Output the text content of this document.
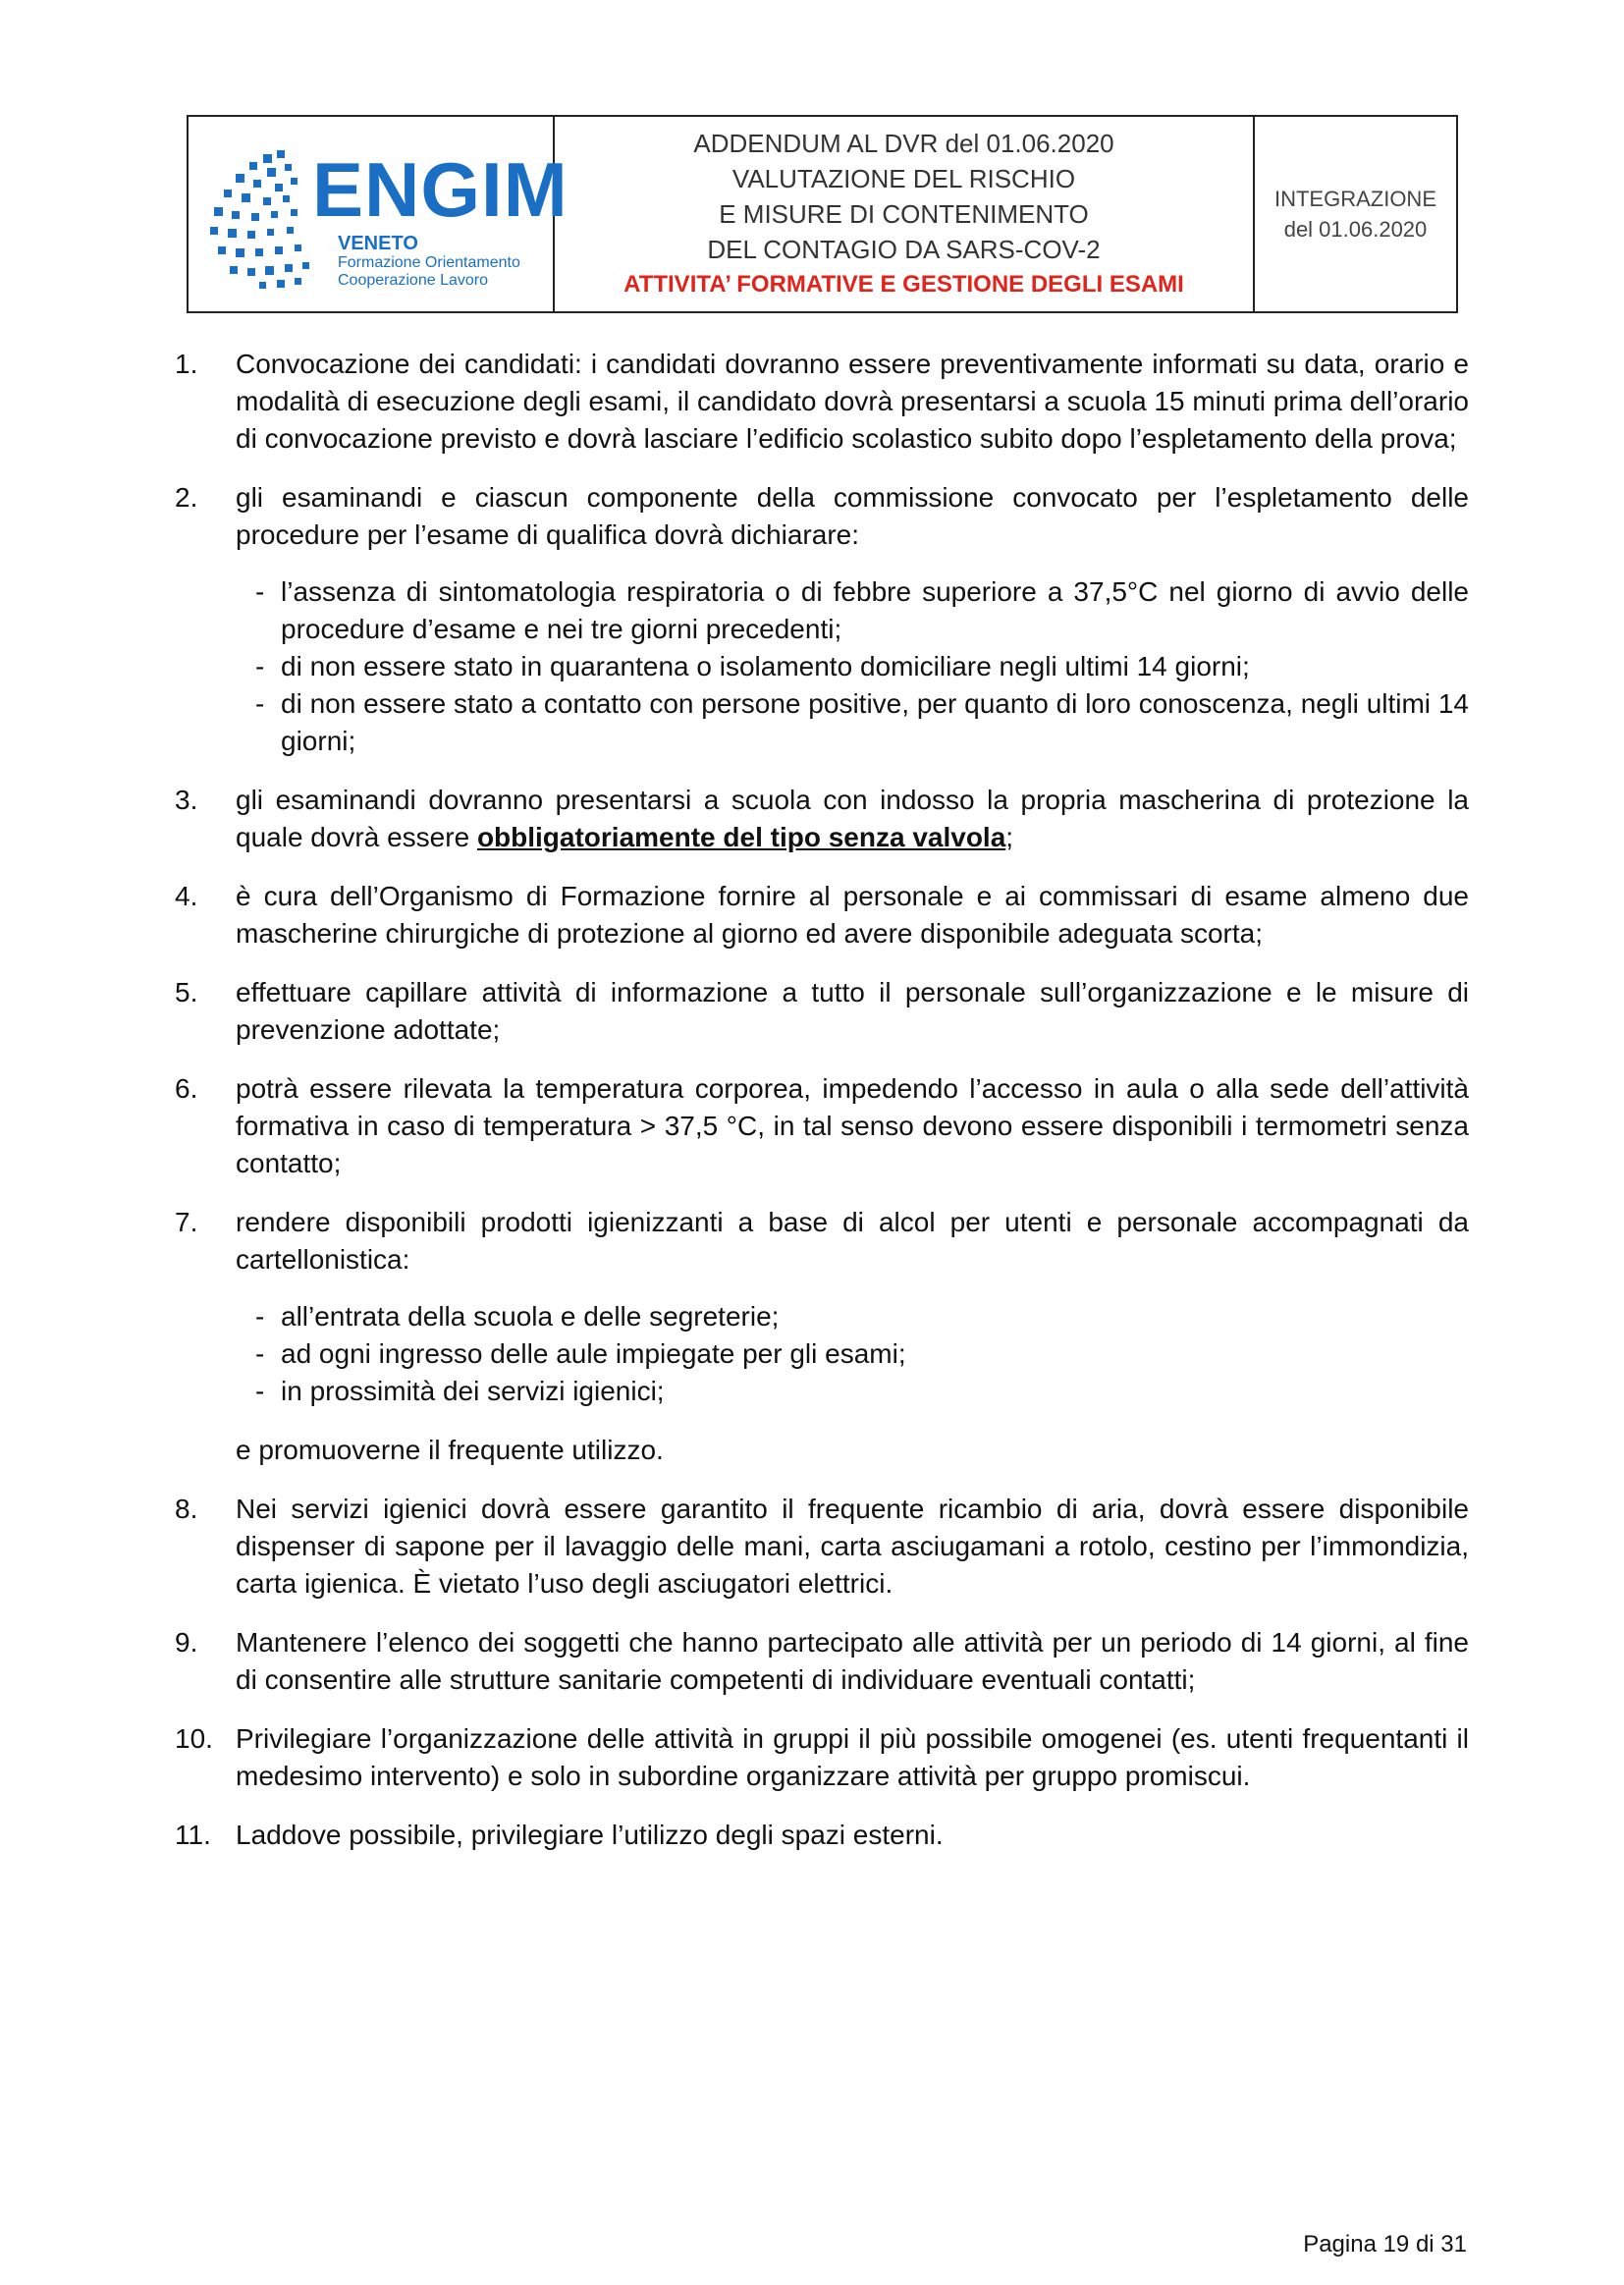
ENGIM
VENETO
Formazione Orientamento
Cooperazione Lavoro
ADDENDUM AL DVR del 01.06.2020
VALUTAZIONE DEL RISCHIO
E MISURE DI CONTENIMENTO
DEL CONTAGIO DA SARS-COV-2
ATTIVITA’ FORMATIVE E GESTIONE DEGLI ESAMI
INTEGRAZIONE
del 01.06.2020
1.	Convocazione dei candidati: i candidati dovranno essere preventivamente informati su data, orario e modalità di esecuzione degli esami, il candidato dovrà presentarsi a scuola 15 minuti prima dell’orario di convocazione previsto e dovrà lasciare l’edificio scolastico subito dopo l’espletamento della prova;
2.	gli esaminandi e ciascun componente della commissione convocato per l’espletamento delle procedure per l’esame di qualifica dovrà dichiarare:
- l’assenza di sintomatologia respiratoria o di febbre superiore a 37,5°C nel giorno di avvio delle procedure d’esame e nei tre giorni precedenti;
- di non essere stato in quarantena o isolamento domiciliare negli ultimi 14 giorni;
- di non essere stato a contatto con persone positive, per quanto di loro conoscenza, negli ultimi 14 giorni;
3.	gli esaminandi dovranno presentarsi a scuola con indosso la propria mascherina di protezione la quale dovrà essere obbligatoriamente del tipo senza valvola;
4.	è cura dell’Organismo di Formazione fornire al personale e ai commissari di esame almeno due mascherine chirurgiche di protezione al giorno ed avere disponibile adeguata scorta;
5.	effettuare capillare attività di informazione a tutto il personale sull’organizzazione e le misure di prevenzione adottate;
6.	potrà essere rilevata la temperatura corporea, impedendo l’accesso in aula o alla sede dell’attività formativa in caso di temperatura > 37,5 °C, in tal senso devono essere disponibili i termometri senza contatto;
7.	rendere disponibili prodotti igienizzanti a base di alcol per utenti e personale accompagnati da cartellonistica:
- all’entrata della scuola e delle segreterie;
- ad ogni ingresso delle aule impiegate per gli esami;
- in prossimità dei servizi igienici;
e promuoverne il frequente utilizzo.
8.	Nei servizi igienici dovrà essere garantito il frequente ricambio di aria, dovrà essere disponibile dispenser di sapone per il lavaggio delle mani, carta asciugamani a rotolo, cestino per l’immondizia, carta igienica. È vietato l’uso degli asciugatori elettrici.
9.	Mantenere l’elenco dei soggetti che hanno partecipato alle attività per un periodo di 14 giorni, al fine di consentire alle strutture sanitarie competenti di individuare eventuali contatti;
10. Privilegiare l’organizzazione delle attività in gruppi il più possibile omogenei (es. utenti frequentanti il medesimo intervento) e solo in subordine organizzare attività per gruppo promiscui.
11. Laddove possibile, privilegiare l’utilizzo degli spazi esterni.
Pagina 19 di 31
